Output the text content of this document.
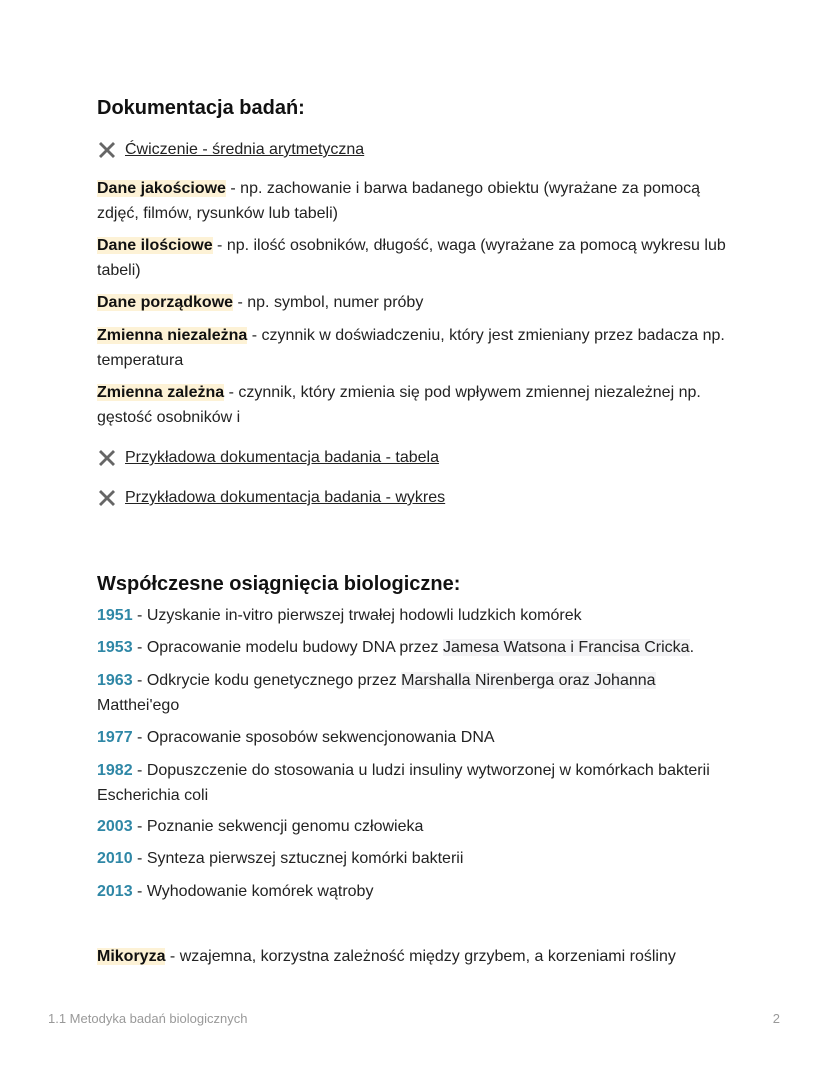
Dokumentacja badań:
Ćwiczenie - średnia arytmetyczna
Dane jakościowe - np. zachowanie i barwa badanego obiektu (wyrażane za pomocą zdjęć, filmów, rysunków lub tabeli)
Dane ilościowe - np. ilość osobników, długość, waga (wyrażane za pomocą wykresu lub tabeli)
Dane porządkowe - np. symbol, numer próby
Zmienna niezależna - czynnik w doświadczeniu, który jest zmieniany przez badacza np. temperatura
Zmienna zależna - czynnik, który zmienia się pod wpływem zmiennej niezależnej np. gęstość osobników i
Przykładowa dokumentacja badania - tabela
Przykładowa dokumentacja badania - wykres
Współczesne osiągnięcia biologiczne:
1951 - Uzyskanie in-vitro pierwszej trwałej hodowli ludzkich komórek
1953 - Opracowanie modelu budowy DNA przez Jamesa Watsona i Francisa Cricka.
1963 - Odkrycie kodu genetycznego przez Marshalla Nirenberga oraz Johanna Matthei'ego
1977 - Opracowanie sposobów sekwencjonowania DNA
1982 - Dopuszczenie do stosowania u ludzi insuliny wytworzonej w komórkach bakterii Escherichia coli
2003 - Poznanie sekwencji genomu człowieka
2010 - Synteza pierwszej sztucznej komórki bakterii
2013 - Wyhodowanie komórek wątroby
Mikoryza - wzajemna, korzystna zależność między grzybem, a korzeniami rośliny
1.1 Metodyka badań biologicznych	2
